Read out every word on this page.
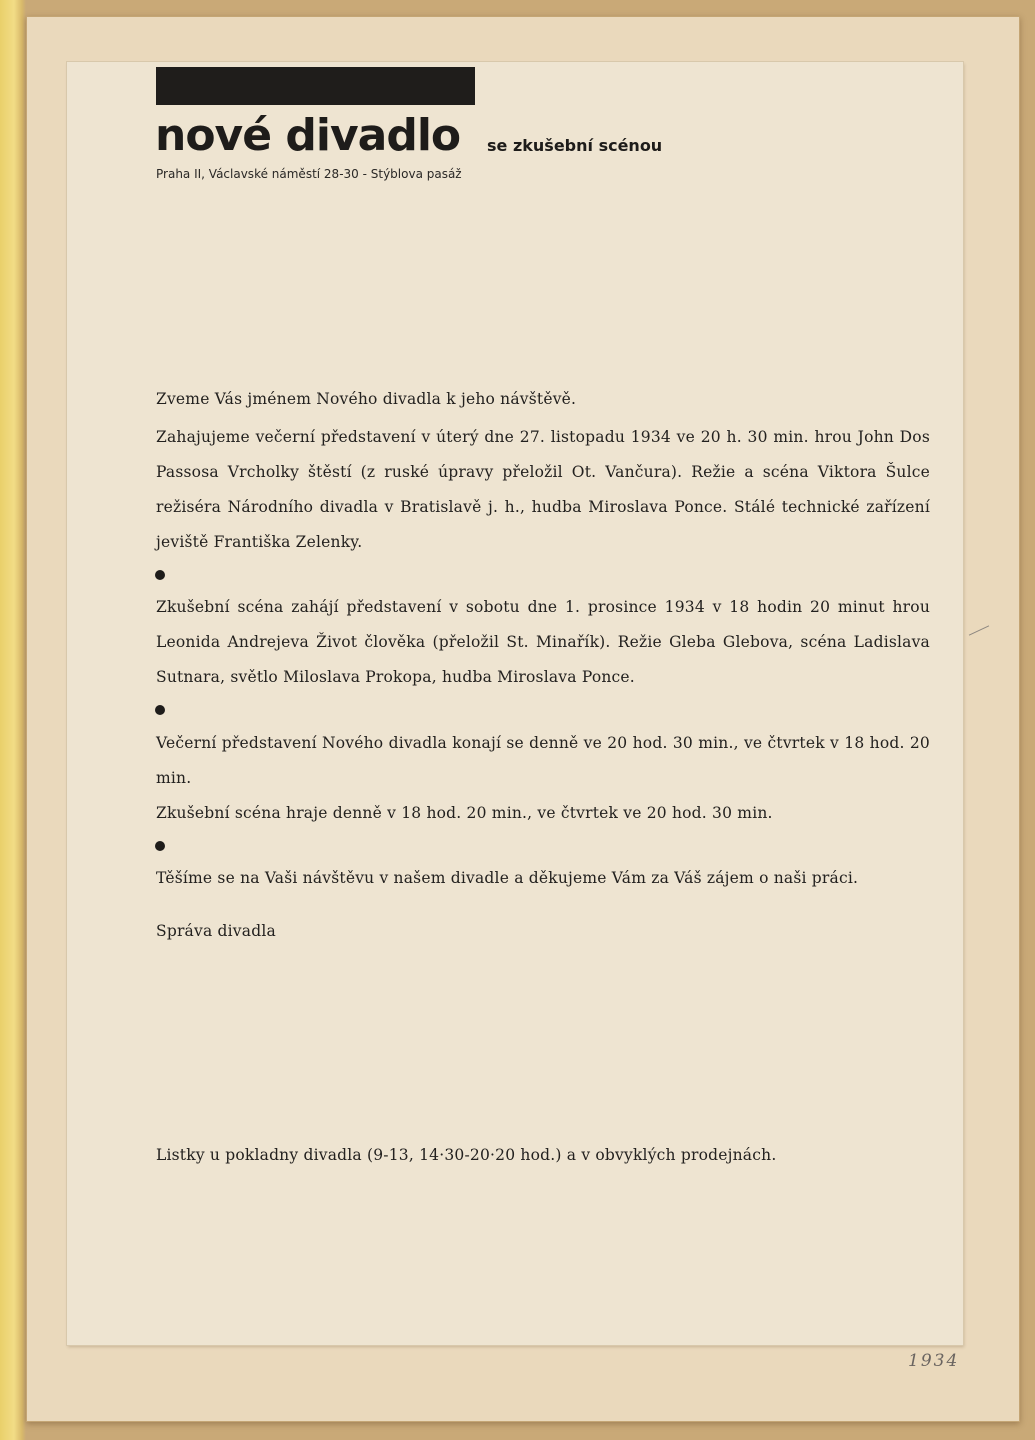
nové divadlo se zkušební scénou
Praha II, Václavské náměstí 28-30 - Stýblova pasáž
Zveme Vás jménem Nového divadla k jeho návštěvě.
Zahajujeme večerní představení v úterý dne 27. listopadu 1934 ve 20 h. 30 min. hrou John Dos Passosa Vrcholky štěstí (z ruské úpravy přeložil Ot. Vančura). Režie a scéna Viktora Šulce režiséra Národního divadla v Bratislavě j. h., hudba Miroslava Ponce. Stálé technické zařízení jeviště Františka Zelenky.
Zkušební scéna zahájí představení v sobotu dne 1. prosince 1934 v 18 hodin 20 minut hrou Leonida Andrejeva Život člověka (přeložil St. Minařík). Režie Gleba Glebova, scéna Ladislava Sutnara, světlo Miloslava Prokopa, hudba Miroslava Ponce.
Večerní představení Nového divadla konají se denně ve 20 hod. 30 min., ve čtvrtek v 18 hod. 20 min.
Zkušební scéna hraje denně v 18 hod. 20 min., ve čtvrtek ve 20 hod. 30 min.
Těšíme se na Vaši návštěvu v našem divadle a děkujeme Vám za Váš zájem o naši práci.
Správa divadla
Listky u pokladny divadla (9-13, 14·30-20·20 hod.) a v obvyklých prodejnách.
1934
